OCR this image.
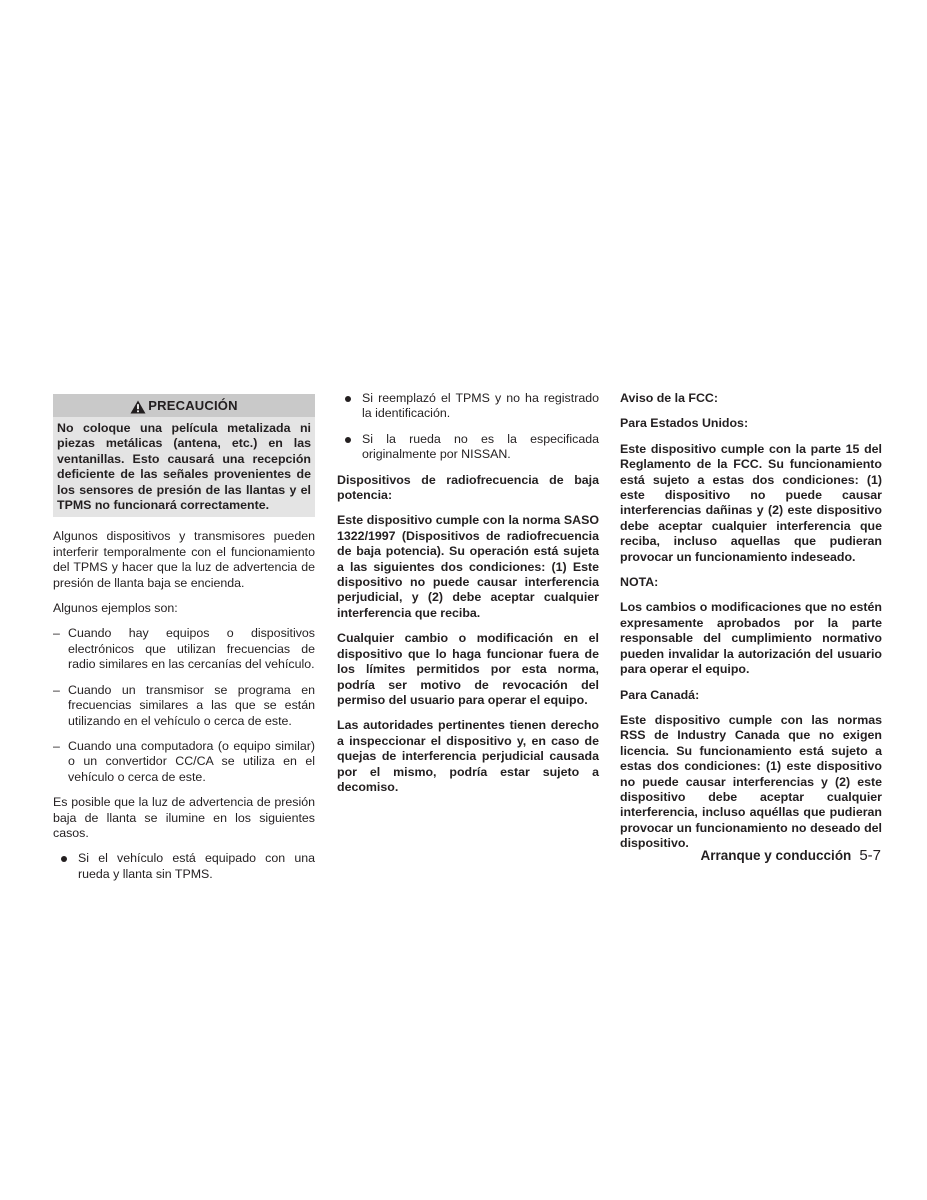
PRECAUCIÓN
No coloque una película metalizada ni piezas metálicas (antena, etc.) en las ventanillas. Esto causará una recepción deficiente de las señales provenientes de los sensores de presión de las llantas y el TPMS no funcionará correctamente.

Algunos dispositivos y transmisores pueden interferir temporalmente con el funcionamiento del TPMS y hacer que la luz de advertencia de presión de llanta baja se encienda.

Algunos ejemplos son:

– Cuando hay equipos o dispositivos electrónicos que utilizan frecuencias de radio similares en las cercanías del vehículo.
– Cuando un transmisor se programa en frecuencias similares a las que se están utilizando en el vehículo o cerca de este.
– Cuando una computadora (o equipo similar) o un convertidor CC/CA se utiliza en el vehículo o cerca de este.

Es posible que la luz de advertencia de presión baja de llanta se ilumine en los siguientes casos.

Si el vehículo está equipado con una rueda y llanta sin TPMS.
Si reemplazó el TPMS y no ha registrado la identificación.
Si la rueda no es la especificada originalmente por NISSAN.

Dispositivos de radiofrecuencia de baja potencia:

Este dispositivo cumple con la norma SASO 1322/1997 (Dispositivos de radiofrecuencia de baja potencia). Su operación está sujeta a las siguientes dos condiciones: (1) Este dispositivo no puede causar interferencia perjudicial, y (2) debe aceptar cualquier interferencia que reciba.

Cualquier cambio o modificación en el dispositivo que lo haga funcionar fuera de los límites permitidos por esta norma, podría ser motivo de revocación del permiso del usuario para operar el equipo.

Las autoridades pertinentes tienen derecho a inspeccionar el dispositivo y, en caso de quejas de interferencia perjudicial causada por el mismo, podría estar sujeto a decomiso.

Aviso de la FCC:

Para Estados Unidos:

Este dispositivo cumple con la parte 15 del Reglamento de la FCC. Su funcionamiento está sujeto a estas dos condiciones: (1) este dispositivo no puede causar interferencias dañinas y (2) este dispositivo debe aceptar cualquier interferencia que reciba, incluso aquellas que pudieran provocar un funcionamiento indeseado.

NOTA:

Los cambios o modificaciones que no estén expresamente aprobados por la parte responsable del cumplimiento normativo pueden invalidar la autorización del usuario para operar el equipo.

Para Canadá:

Este dispositivo cumple con las normas RSS de Industry Canada que no exigen licencia. Su funcionamiento está sujeto a estas dos condiciones: (1) este dispositivo no puede causar interferencias y (2) este dispositivo debe aceptar cualquier interferencia, incluso aquéllas que pudieran provocar un funcionamiento no deseado del dispositivo.

Arranque y conducción 5-7
